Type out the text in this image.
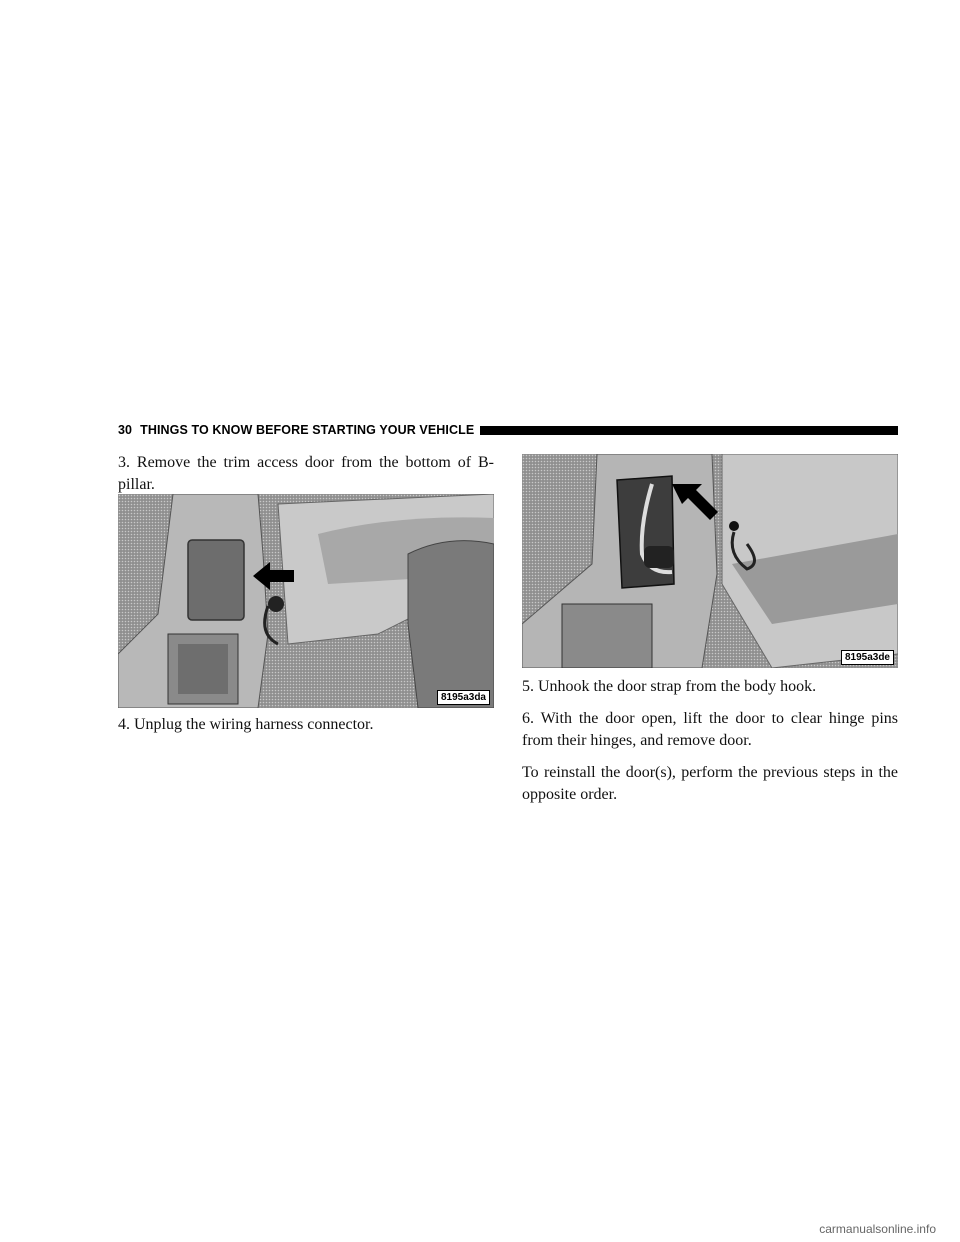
30 THINGS TO KNOW BEFORE STARTING YOUR VEHICLE

3. Remove the trim access door from the bottom of B-pillar.

8195a3da

4. Unplug the wiring harness connector.

8195a3de

5. Unhook the door strap from the body hook.

6. With the door open, lift the door to clear hinge pins from their hinges, and remove door.

To reinstall the door(s), perform the previous steps in the opposite order.

carmanualsonline.info
